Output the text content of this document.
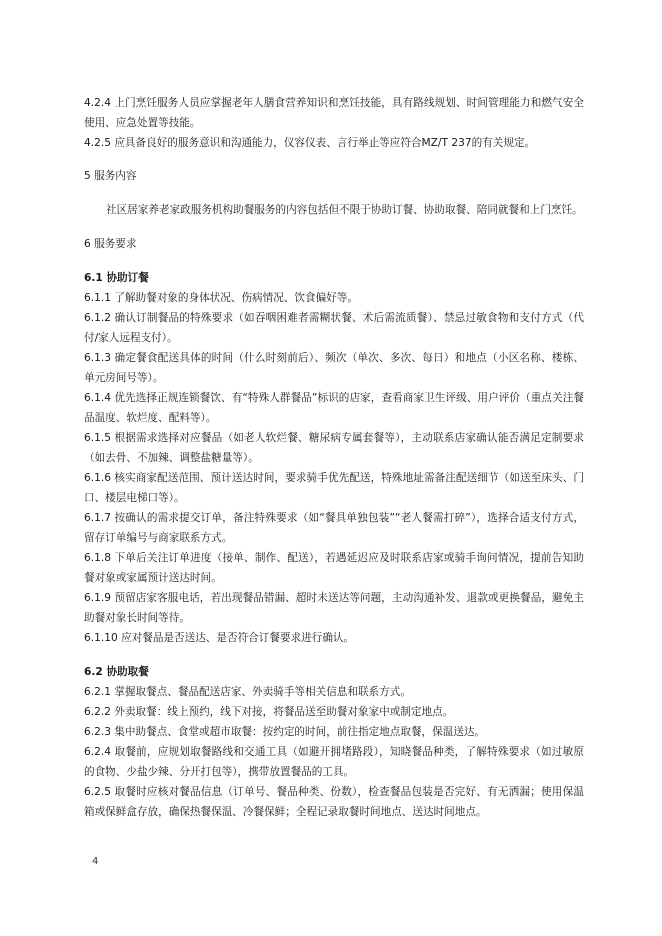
4.2.4 上门烹饪服务人员应掌握老年人膳食营养知识和烹饪技能，具有路线规划、时间管理能力和燃气安全使用、应急处置等技能。

4.2.5 应具备良好的服务意识和沟通能力，仪容仪表、言行举止等应符合MZ/T 237的有关规定。

5 服务内容

社区居家养老家政服务机构助餐服务的内容包括但不限于协助订餐、协助取餐、陪同就餐和上门烹饪。

6 服务要求

6.1 协助订餐

6.1.1 了解助餐对象的身体状况、伤病情况、饮食偏好等。

6.1.2 确认订制餐品的特殊要求（如吞咽困难者需糊状餐、术后需流质餐）、禁忌过敏食物和支付方式（代付/家人远程支付）。

6.1.3 确定餐食配送具体的时间（什么时刻前后）、频次（单次、多次、每日）和地点（小区名称、楼栋、单元房间号等）。

6.1.4 优先选择正规连锁餐饮、有“特殊人群餐品”标识的店家，查看商家卫生评级、用户评价（重点关注餐品温度、软烂度、配料等）。

6.1.5 根据需求选择对应餐品（如老人软烂餐、糖尿病专属套餐等），主动联系店家确认能否满足定制要求（如去骨、不加辣、调整盐糖量等）。

6.1.6 核实商家配送范围、预计送达时间，要求骑手优先配送，特殊地址需备注配送细节（如送至床头、门口、楼层电梯口等）。

6.1.7 按确认的需求提交订单，备注特殊要求（如“餐具单独包装”“老人餐需打碎”），选择合适支付方式，留存订单编号与商家联系方式。

6.1.8 下单后关注订单进度（接单、制作、配送），若遇延迟应及时联系店家或骑手询问情况，提前告知助餐对象或家属预计送达时间。

6.1.9 预留店家客服电话，若出现餐品错漏、超时未送达等问题，主动沟通补发、退款或更换餐品，避免主助餐对象长时间等待。

6.1.10 应对餐品是否送达、是否符合订餐要求进行确认。

6.2 协助取餐

6.2.1 掌握取餐点、餐品配送店家、外卖骑手等相关信息和联系方式。

6.2.2 外卖取餐：线上预约，线下对接，将餐品送至助餐对象家中或制定地点。

6.2.3 集中助餐点、食堂或超市取餐：按约定的时间，前往指定地点取餐，保温送达。

6.2.4 取餐前，应规划取餐路线和交通工具（如避开拥堵路段），知晓餐品种类，了解特殊要求（如过敏原的食物、少盐少辣、分开打包等），携带放置餐品的工具。

6.2.5 取餐时应核对餐品信息（订单号、餐品种类、份数），检查餐品包装是否完好、有无洒漏；使用保温箱或保鲜盒存放，确保热餐保温、冷餐保鲜；全程记录取餐时间地点、送达时间地点。

4
